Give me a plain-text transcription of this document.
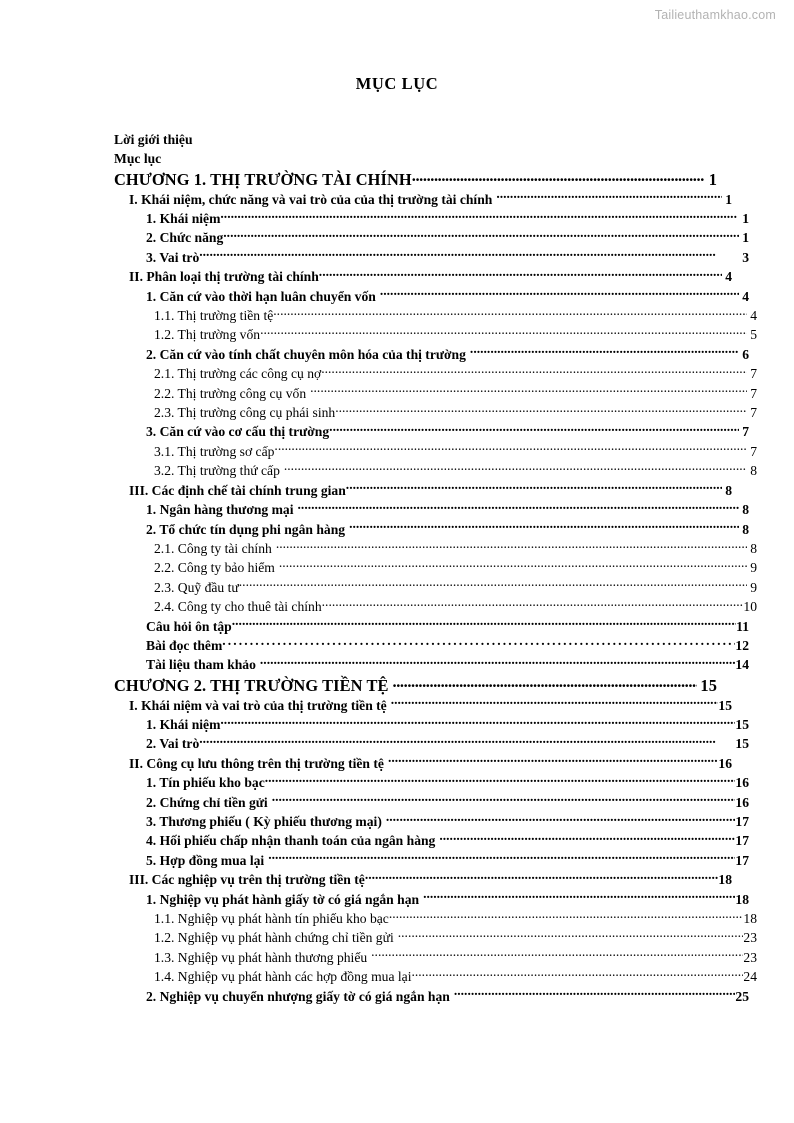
Tailieuthamkhao.com
MỤC LỤC
Lời giới thiệu
Mục lục
CHƯƠNG 1. THỊ TRƯỜNG TÀI CHÍNH .....	1
I. Khái niệm, chức năng và vai trò của của thị trường tài chính .....	1
1. Khái niệm .....	1
2. Chức năng .....	1
3. Vai trò .....	3
II. Phân loại thị trường tài chính .....	4
1. Căn cứ vào thời hạn luân chuyển vốn .....	4
1.1. Thị trường tiền tệ .....	4
1.2. Thị trường vốn .....	5
2. Căn cứ vào tính chất chuyên môn hóa của thị trường .....	6
2.1. Thị trường các công cụ nợ .....	7
2.2. Thị trường công cụ vốn .....	7
2.3. Thị trường công cụ phái sinh .....	7
3. Căn cứ vào cơ cấu thị trường .....	7
3.1. Thị trường sơ cấp .....	7
3.2. Thị trường thứ cấp .....	8
III. Các định chế tài chính trung gian .....	8
1. Ngân hàng thương mại .....	8
2. Tổ chức tín dụng phi ngân hàng .....	8
2.1. Công ty tài chính .....	8
2.2. Công ty bảo hiểm .....	9
2.3. Quỹ đầu tư .....	9
2.4. Công ty cho thuê tài chính .....	10
Câu hỏi ôn tập .....	11
Bài đọc thêm .....	12
Tài liệu tham khảo .....	14
CHƯƠNG 2. THỊ TRƯỜNG TIỀN TỆ .....	15
I. Khái niệm và vai trò của thị trường tiền tệ .....	15
1. Khái niệm .....	15
2. Vai trò .....	15
II. Công cụ lưu thông trên thị trường tiền tệ .....	16
1. Tín phiếu kho bạc .....	16
2. Chứng chỉ tiền gửi .....	16
3. Thương phiếu ( Kỳ phiếu thương mại) .....	17
4. Hối phiếu chấp nhận thanh toán của ngân hàng .....	17
5. Hợp đồng mua lại .....	17
III. Các nghiệp vụ trên thị trường tiền tệ .....	18
1. Nghiệp vụ phát hành giấy tờ có giá ngắn hạn .....	18
1.1. Nghiệp vụ phát hành tín phiếu kho bạc .....	18
1.2. Nghiệp vụ phát hành chứng chỉ tiền gửi .....	23
1.3. Nghiệp vụ phát hành thương phiếu .....	23
1.4. Nghiệp vụ phát hành các hợp đồng mua lại .....	24
2. Nghiệp vụ chuyển nhượng giấy tờ có giá ngắn hạn .....	25
